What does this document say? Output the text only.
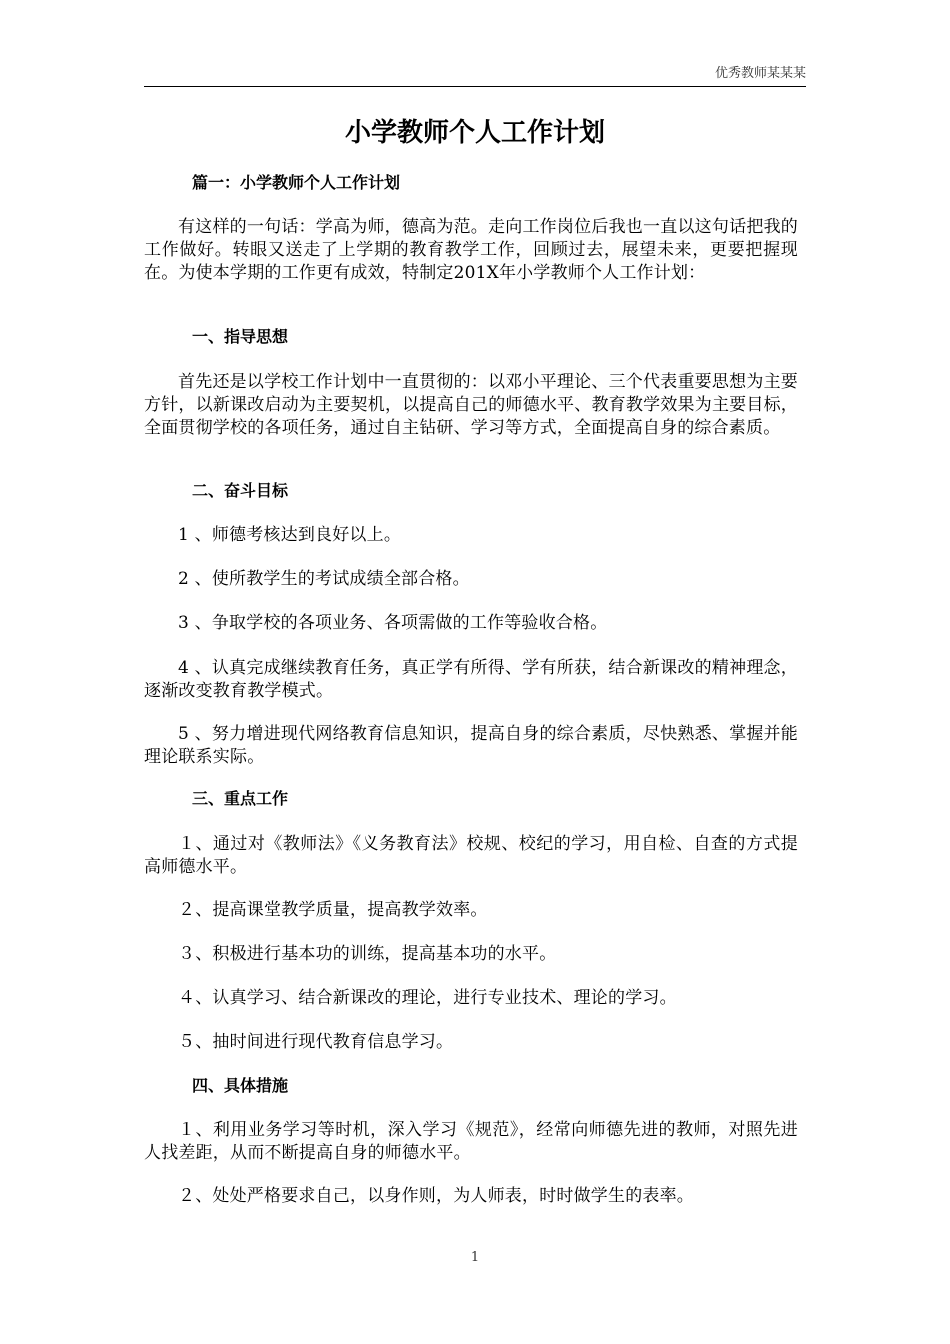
优秀教师某某某
小学教师个人工作计划
篇一：小学教师个人工作计划
有这样的一句话：学高为师，德高为范。走向工作岗位后我也一直以这句话把我的工作做好。转眼又送走了上学期的教育教学工作，回顾过去，展望未来，更要把握现在。为使本学期的工作更有成效，特制定201X年小学教师个人工作计划：
一、指导思想
首先还是以学校工作计划中一直贯彻的：以邓小平理论、三个代表重要思想为主要方针，以新课改启动为主要契机，以提高自己的师德水平、教育教学效果为主要目标，全面贯彻学校的各项任务，通过自主钻研、学习等方式，全面提高自身的综合素质。
二、奋斗目标
1 、师德考核达到良好以上。
2 、使所教学生的考试成绩全部合格。
3 、争取学校的各项业务、各项需做的工作等验收合格。
4 、认真完成继续教育任务，真正学有所得、学有所获，结合新课改的精神理念，逐渐改变教育教学模式。
5 、努力增进现代网络教育信息知识，提高自身的综合素质，尽快熟悉、掌握并能理论联系实际。
三、重点工作
１、通过对《教师法》《义务教育法》校规、校纪的学习，用自检、自查的方式提高师德水平。
２、提高课堂教学质量，提高教学效率。
３、积极进行基本功的训练，提高基本功的水平。
４、认真学习、结合新课改的理论，进行专业技术、理论的学习。
５、抽时间进行现代教育信息学习。
四、具体措施
１、利用业务学习等时机，深入学习《规范》，经常向师德先进的教师，对照先进人找差距，从而不断提高自身的师德水平。
２、处处严格要求自己，以身作则，为人师表，时时做学生的表率。
1
